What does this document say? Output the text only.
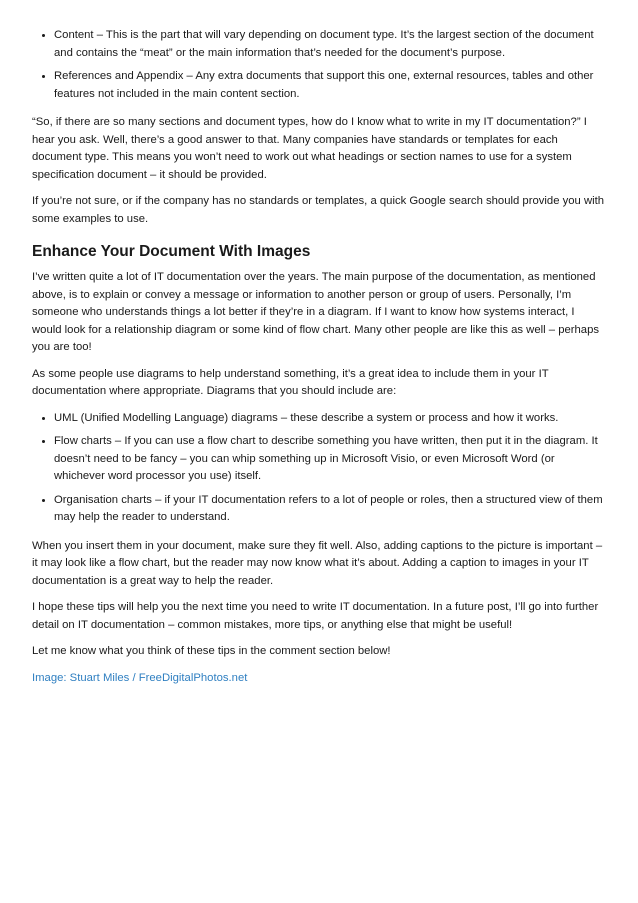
• Content – This is the part that will vary depending on document type. It’s the largest section of the document and contains the “meat” or the main information that’s needed for the document’s purpose.
• References and Appendix – Any extra documents that support this one, external resources, tables and other features not included in the main content section.

“So, if there are so many sections and document types, how do I know what to write in my IT documentation?” I hear you ask. Well, there’s a good answer to that. Many companies have standards or templates for each document type. This means you won’t need to work out what headings or section names to use for a system specification document – it should be provided.

If you’re not sure, or if the company has no standards or templates, a quick Google search should provide you with some examples to use.

Enhance Your Document With Images

I’ve written quite a lot of IT documentation over the years. The main purpose of the documentation, as mentioned above, is to explain or convey a message or information to another person or group of users. Personally, I’m someone who understands things a lot better if they’re in a diagram. If I want to know how systems interact, I would look for a relationship diagram or some kind of flow chart. Many other people are like this as well – perhaps you are too!

As some people use diagrams to help understand something, it’s a great idea to include them in your IT documentation where appropriate. Diagrams that you should include are:

• UML (Unified Modelling Language) diagrams – these describe a system or process and how it works.
• Flow charts – If you can use a flow chart to describe something you have written, then put it in the diagram. It doesn’t need to be fancy – you can whip something up in Microsoft Visio, or even Microsoft Word (or whichever word processor you use) itself.
• Organisation charts – if your IT documentation refers to a lot of people or roles, then a structured view of them may help the reader to understand.

When you insert them in your document, make sure they fit well. Also, adding captions to the picture is important – it may look like a flow chart, but the reader may now know what it’s about. Adding a caption to images in your IT documentation is a great way to help the reader.

I hope these tips will help you the next time you need to write IT documentation. In a future post, I’ll go into further detail on IT documentation – common mistakes, more tips, or anything else that might be useful!

Let me know what you think of these tips in the comment section below!

Image: Stuart Miles / FreeDigitalPhotos.net
